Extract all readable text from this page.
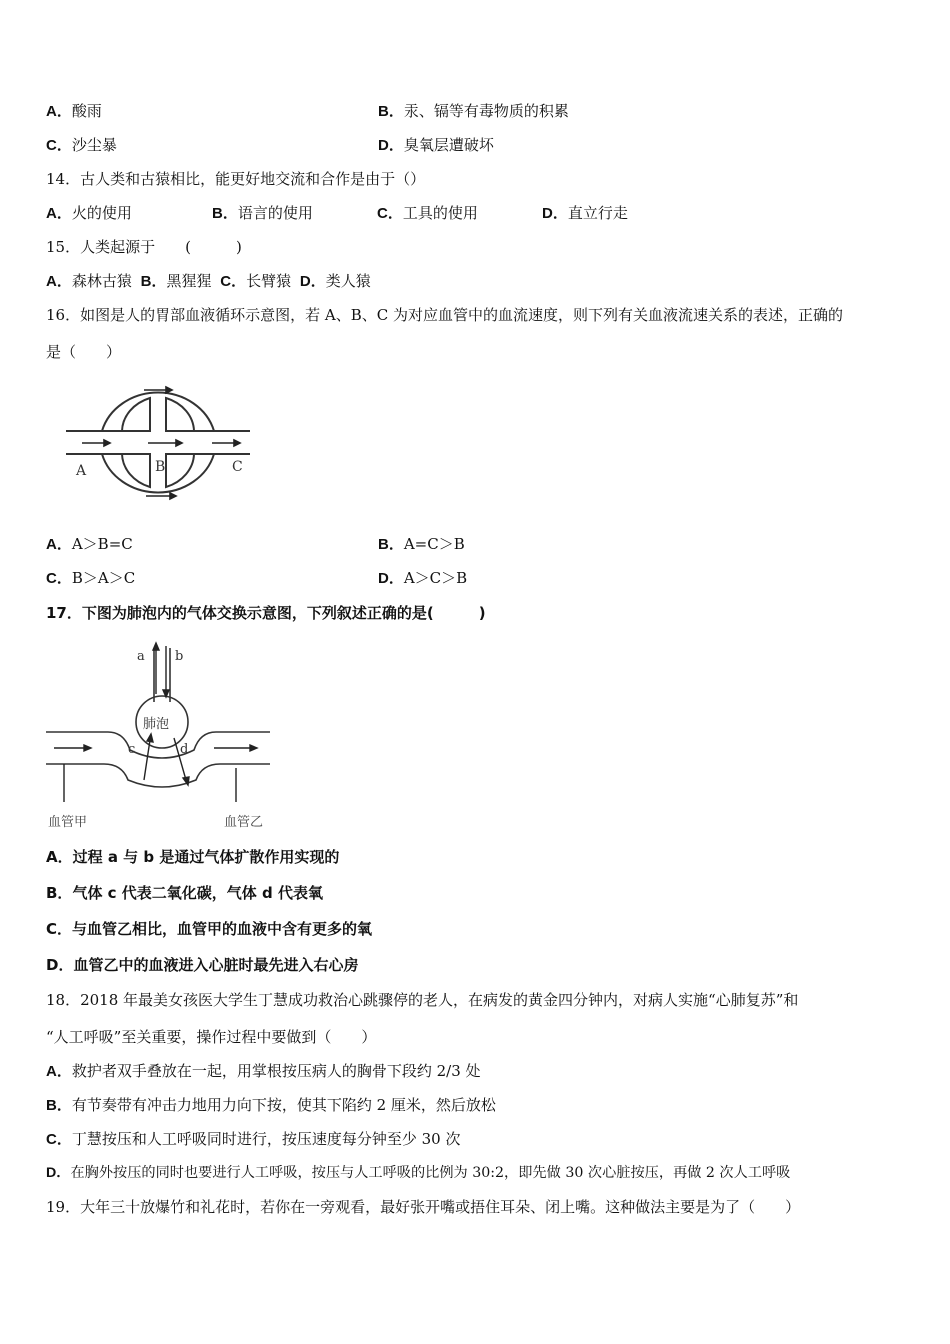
A．酸雨	B．汞、镉等有毒物质的积累
C．沙尘暴	D．臭氧层遭破坏
14．古人类和古猿相比，能更好地交流和合作是由于（）
A．火的使用	B．语言的使用	C．工具的使用	D．直立行走
15．人类起源于　　(　　　)
A．森林古猿 B．黑猩猩 C．长臂猿 D．类人猿
16．如图是人的胃部血液循环示意图，若 A、B、C 为对应血管中的血流速度，则下列有关血液流速关系的表述，正确的
是（　　）
A	B	C
A．A＞B=C	B．A=C＞B
C．B＞A＞C	D．A＞C＞B
17．下图为肺泡内的气体交换示意图，下列叙述正确的是(　　　)
肺泡
a b
c	d
血管甲	血管乙
A．过程 a 与 b 是通过气体扩散作用实现的
B．气体 c 代表二氧化碳，气体 d 代表氧
C．与血管乙相比，血管甲的血液中含有更多的氧
D．血管乙中的血液进入心脏时最先进入右心房
18．2018 年最美女孩医大学生丁慧成功救治心跳骤停的老人，在病发的黄金四分钟内，对病人实施“心肺复苏”和
“人工呼吸”至关重要，操作过程中要做到（　　）
A．救护者双手叠放在一起，用掌根按压病人的胸骨下段约 2/3 处
B．有节奏带有冲击力地用力向下按，使其下陷约 2 厘米，然后放松
C．丁慧按压和人工呼吸同时进行，按压速度每分钟至少 30 次
D．在胸外按压的同时也要进行人工呼吸，按压与人工呼吸的比例为 30:2，即先做 30 次心脏按压，再做 2 次人工呼吸
19．大年三十放爆竹和礼花时，若你在一旁观看，最好张开嘴或捂住耳朵、闭上嘴。这种做法主要是为了（　　）
